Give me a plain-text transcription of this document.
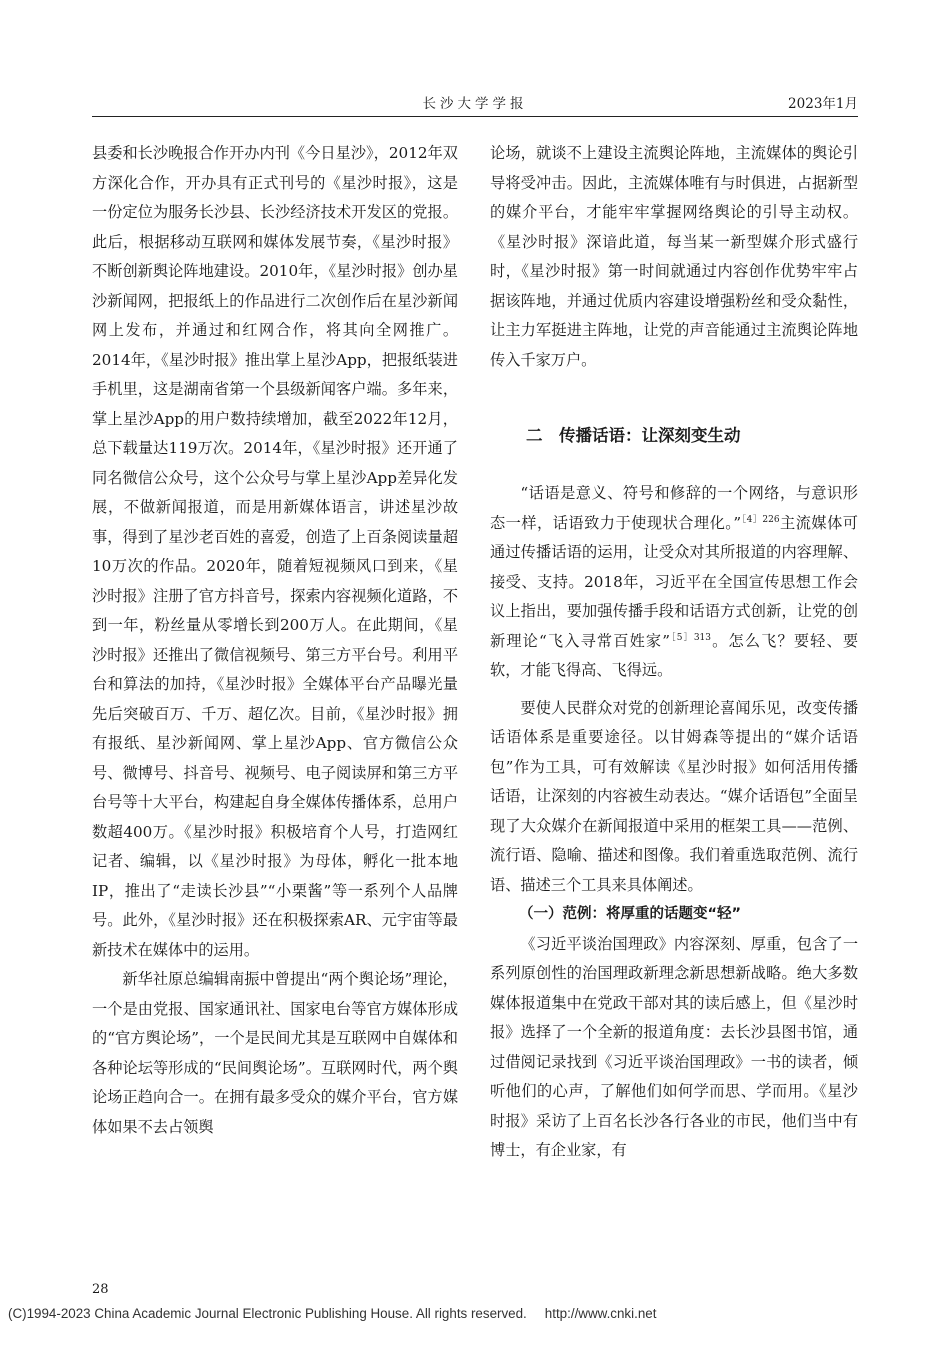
长沙大学学报	2023年1月

县委和长沙晚报合作开办内刊《今日星沙》，2012年双方深化合作，开办具有正式刊号的《星沙时报》，这是一份定位为服务长沙县、长沙经济技术开发区的党报。此后，根据移动互联网和媒体发展节奏，《星沙时报》不断创新舆论阵地建设。2010年，《星沙时报》创办星沙新闻网，把报纸上的作品进行二次创作后在星沙新闻网上发布，并通过和红网合作，将其向全网推广。2014年，《星沙时报》推出掌上星沙App，把报纸装进手机里，这是湖南省第一个县级新闻客户端。多年来，掌上星沙App的用户数持续增加，截至2022年12月，总下载量达119万次。2014年，《星沙时报》还开通了同名微信公众号，这个公众号与掌上星沙App差异化发展，不做新闻报道，而是用新媒体语言，讲述星沙故事，得到了星沙老百姓的喜爱，创造了上百条阅读量超10万次的作品。2020年，随着短视频风口到来，《星沙时报》注册了官方抖音号，探索内容视频化道路，不到一年，粉丝量从零增长到200万人。在此期间，《星沙时报》还推出了微信视频号、第三方平台号。利用平台和算法的加持，《星沙时报》全媒体平台产品曝光量先后突破百万、千万、超亿次。目前，《星沙时报》拥有报纸、星沙新闻网、掌上星沙App、官方微信公众号、微博号、抖音号、视频号、电子阅读屏和第三方平台号等十大平台，构建起自身全媒体传播体系，总用户数超400万。《星沙时报》积极培育个人号，打造网红记者、编辑，以《星沙时报》为母体，孵化一批本地IP，推出了“走读长沙县”“小栗酱”等一系列个人品牌号。此外，《星沙时报》还在积极探索AR、元宇宙等最新技术在媒体中的运用。

新华社原总编辑南振中曾提出“两个舆论场”理论，一个是由党报、国家通讯社、国家电台等官方媒体形成的“官方舆论场”，一个是民间尤其是互联网中自媒体和各种论坛等形成的“民间舆论场”。互联网时代，两个舆论场正趋向合一。在拥有最多受众的媒介平台，官方媒体如果不去占领舆

论场，就谈不上建设主流舆论阵地，主流媒体的舆论引导将受冲击。因此，主流媒体唯有与时俱进，占据新型的媒介平台，才能牢牢掌握网络舆论的引导主动权。《星沙时报》深谙此道，每当某一新型媒介形式盛行时，《星沙时报》第一时间就通过内容创作优势牢牢占据该阵地，并通过优质内容建设增强粉丝和受众黏性，让主力军挺进主阵地，让党的声音能通过主流舆论阵地传入千家万户。

二　传播话语：让深刻变生动

“话语是意义、符号和修辞的一个网络，与意识形态一样，话语致力于使现状合理化。”$^{[4]226}$主流媒体可通过传播话语的运用，让受众对其所报道的内容理解、接受、支持。2018年，习近平在全国宣传思想工作会议上指出，要加强传播手段和话语方式创新，让党的创新理论“飞入寻常百姓家”$^{[5]313}$。怎么飞？要轻、要软，才能飞得高、飞得远。

要使人民群众对党的创新理论喜闻乐见，改变传播话语体系是重要途径。以甘姆森等提出的“媒介话语包”作为工具，可有效解读《星沙时报》如何活用传播话语，让深刻的内容被生动表达。“媒介话语包”全面呈现了大众媒介在新闻报道中采用的框架工具——范例、流行语、隐喻、描述和图像。我们着重选取范例、流行语、描述三个工具来具体阐述。

（一）范例：将厚重的话题变“轻”

《习近平谈治国理政》内容深刻、厚重，包含了一系列原创性的治国理政新理念新思想新战略。绝大多数媒体报道集中在党政干部对其的读后感上，但《星沙时报》选择了一个全新的报道角度：去长沙县图书馆，通过借阅记录找到《习近平谈治国理政》一书的读者，倾听他们的心声，了解他们如何学而思、学而用。《星沙时报》采访了上百名长沙各行各业的市民，他们当中有博士，有企业家，有

28
(C)1994-2023 China Academic Journal Electronic Publishing House. All rights reserved. http://www.cnki.net
